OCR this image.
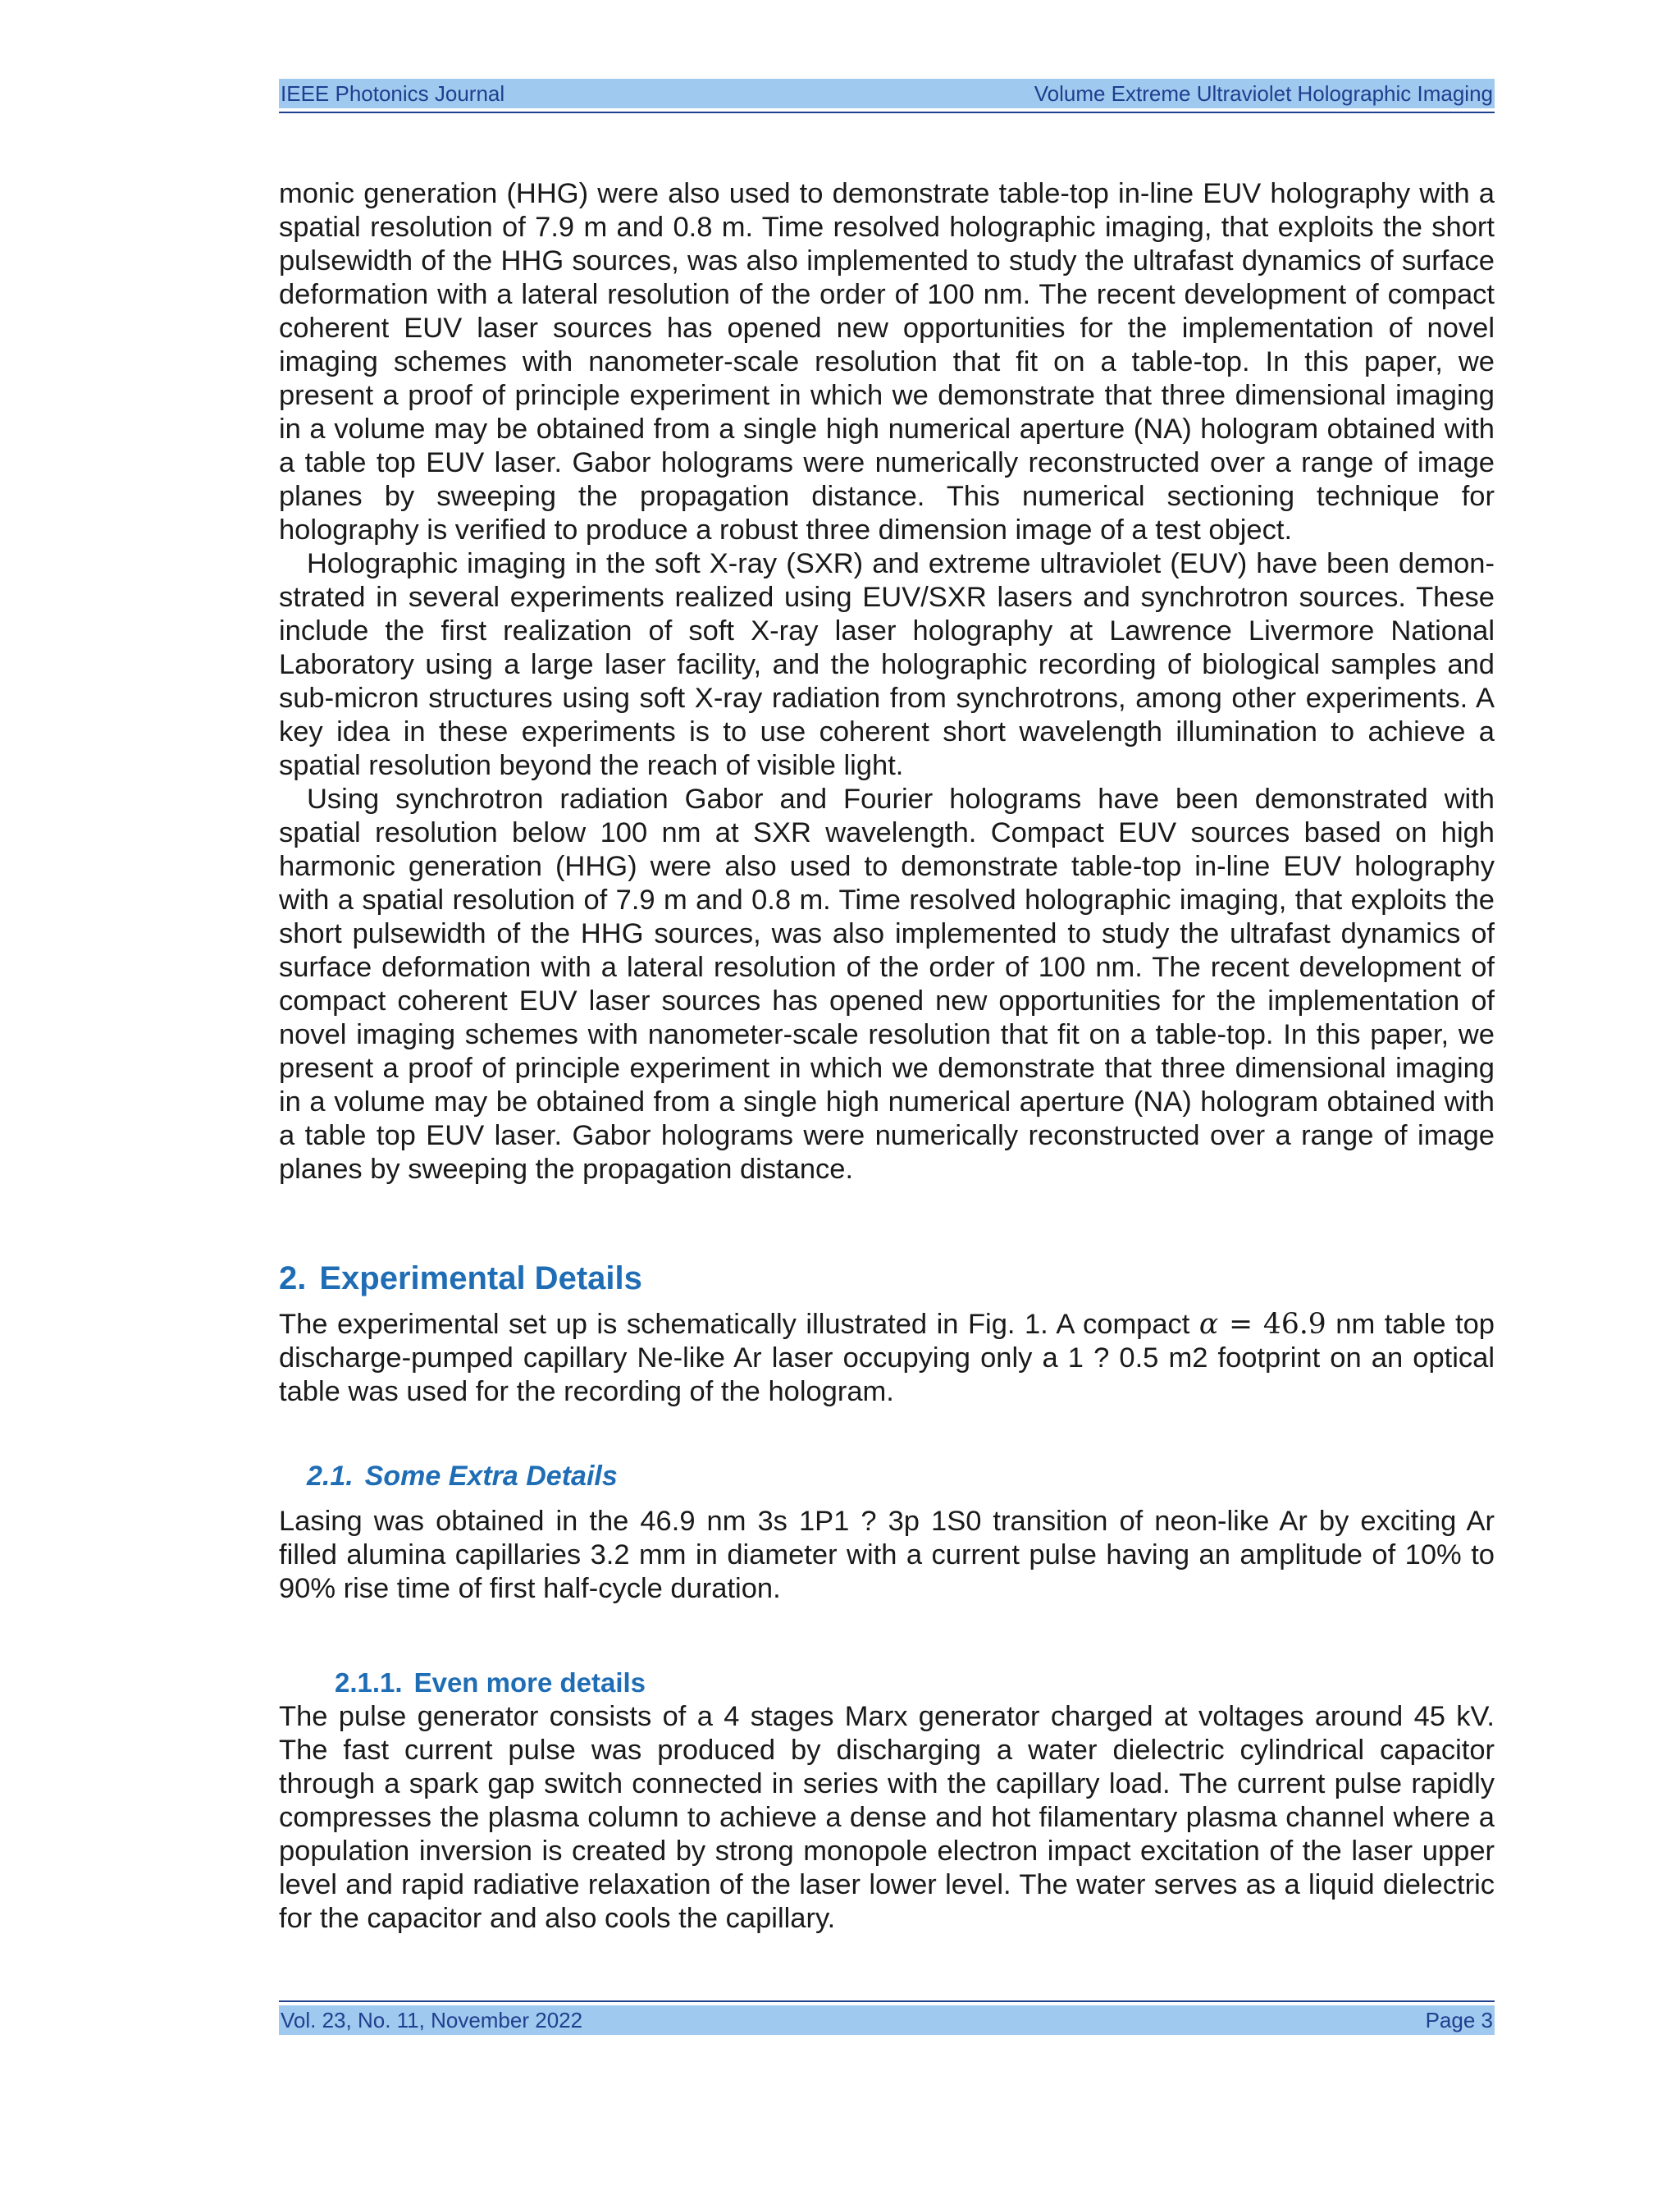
IEEE Photonics Journal	Volume Extreme Ultraviolet Holographic Imaging

monic generation (HHG) were also used to demonstrate table-top in-line EUV holography with a spatial resolution of 7.9 m and 0.8 m. Time resolved holographic imaging, that exploits the short pulsewidth of the HHG sources, was also implemented to study the ultrafast dynamics of surface deformation with a lateral resolution of the order of 100 nm. The recent development of compact coherent EUV laser sources has opened new opportunities for the implementation of novel imaging schemes with nanometer-scale resolution that fit on a table-top. In this paper, we present a proof of principle experiment in which we demonstrate that three dimensional imaging in a volume may be obtained from a single high numerical aperture (NA) hologram obtained with a table top EUV laser. Gabor holograms were numerically reconstructed over a range of image planes by sweeping the propagation distance. This numerical sectioning technique for holography is verified to produce a robust three dimension image of a test object.

Holographic imaging in the soft X-ray (SXR) and extreme ultraviolet (EUV) have been demonstrated in several experiments realized using EUV/SXR lasers and synchrotron sources. These include the first realization of soft X-ray laser holography at Lawrence Livermore National Laboratory using a large laser facility, and the holographic recording of biological samples and sub-micron structures using soft X-ray radiation from synchrotrons, among other experiments. A key idea in these experiments is to use coherent short wavelength illumination to achieve a spatial resolution beyond the reach of visible light.

Using synchrotron radiation Gabor and Fourier holograms have been demonstrated with spatial resolution below 100 nm at SXR wavelength. Compact EUV sources based on high harmonic generation (HHG) were also used to demonstrate table-top in-line EUV holography with a spatial resolution of 7.9 m and 0.8 m. Time resolved holographic imaging, that exploits the short pulsewidth of the HHG sources, was also implemented to study the ultrafast dynamics of surface deformation with a lateral resolution of the order of 100 nm. The recent development of compact coherent EUV laser sources has opened new opportunities for the implementation of novel imaging schemes with nanometer-scale resolution that fit on a table-top. In this paper, we present a proof of principle experiment in which we demonstrate that three dimensional imaging in a volume may be obtained from a single high numerical aperture (NA) hologram obtained with a table top EUV laser. Gabor holograms were numerically reconstructed over a range of image planes by sweeping the propagation distance.

2. Experimental Details

The experimental set up is schematically illustrated in Fig. 1. A compact α = 46.9 nm table top discharge-pumped capillary Ne-like Ar laser occupying only a 1 ? 0.5 m2 footprint on an optical table was used for the recording of the hologram.

2.1. Some Extra Details

Lasing was obtained in the 46.9 nm 3s 1P1 ? 3p 1S0 transition of neon-like Ar by exciting Ar filled alumina capillaries 3.2 mm in diameter with a current pulse having an amplitude of 10% to 90% rise time of first half-cycle duration.

2.1.1. Even more details

The pulse generator consists of a 4 stages Marx generator charged at voltages around 45 kV. The fast current pulse was produced by discharging a water dielectric cylindrical capacitor through a spark gap switch connected in series with the capillary load. The current pulse rapidly compresses the plasma column to achieve a dense and hot filamentary plasma channel where a population inversion is created by strong monopole electron impact excitation of the laser upper level and rapid radiative relaxation of the laser lower level. The water serves as a liquid dielectric for the capacitor and also cools the capillary.

Vol. 23, No. 11, November 2022	Page 3
